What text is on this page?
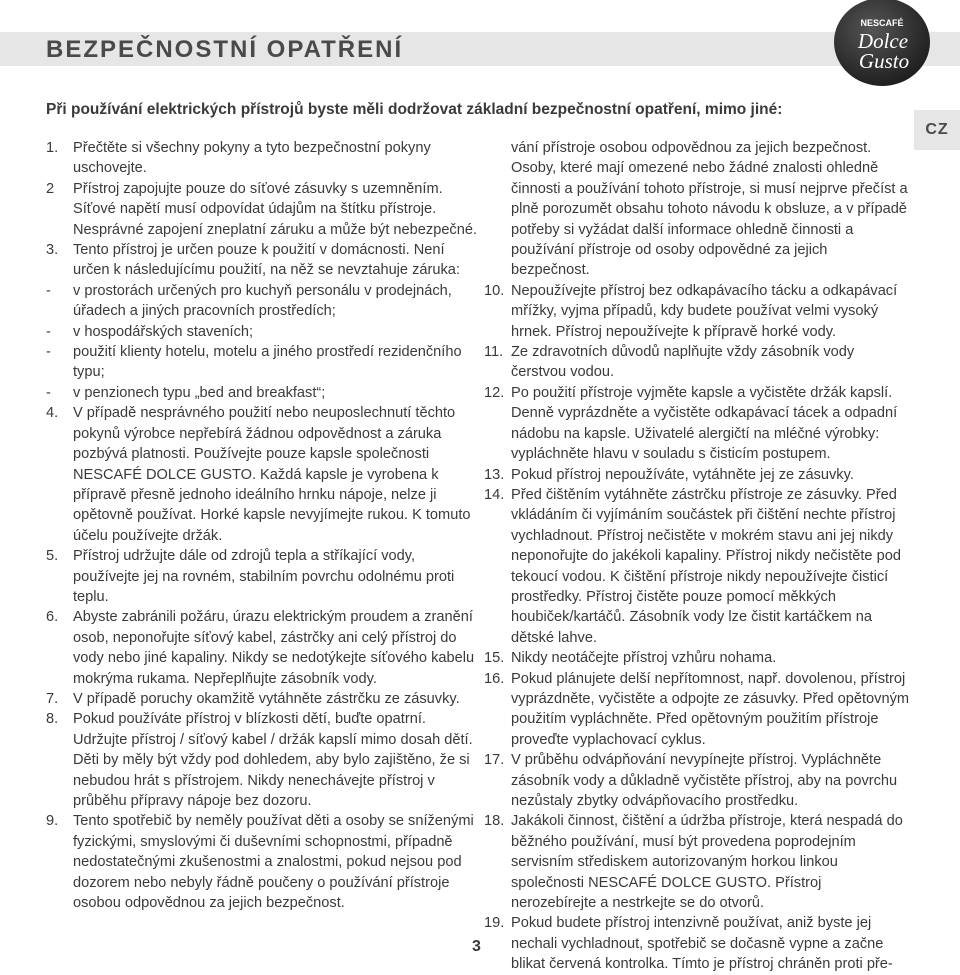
BEZPEČNOSTNÍ OPATŘENÍ
NESCAFÉ
Dolce
Gusto
CZ
Při používání elektrických přístrojů byste měli dodržovat základní bezpečnostní opatření, mimo jiné:
1.	Přečtěte si všechny pokyny a tyto bezpečnostní pokyny uschovejte.
2	Přístroj zapojujte pouze do síťové zásuvky s uzemněním. Síťové napětí musí odpovídat údajům na štítku přístroje. Nesprávné zapojení zneplatní záruku a může být nebezpečné.
3.	Tento přístroj je určen pouze k použití v domácnosti. Není určen k následujícímu použití, na něž se nevztahuje záruka:
-	v prostorách určených pro kuchyň personálu v prodejnách, úřadech a jiných pracovních prostředích;
-	v hospodářských staveních;
-	použití klienty hotelu, motelu a jiného prostředí rezidenčního typu;
-	v penzionech typu „bed and breakfast“;
4.	V případě nesprávného použití nebo neuposlechnutí těchto pokynů výrobce nepřebírá žádnou odpovědnost a záruka pozbývá platnosti. Používejte pouze kapsle společnosti NESCAFÉ DOLCE GUSTO. Každá kapsle je vyrobena k přípravě přesně jednoho ideálního hrnku nápoje, nelze ji opětovně používat. Horké kapsle nevyjímejte rukou. K tomuto účelu používejte držák.
5.	Přístroj udržujte dále od zdrojů tepla a stříkající vody, používejte jej na rovném, stabilním povrchu odolnému proti teplu.
6.	Abyste zabránili požáru, úrazu elektrickým proudem a zranění osob, neponořujte síťový kabel, zástrčky ani celý přístroj do vody nebo jiné kapaliny. Nikdy se nedotýkejte síťového kabelu mokrýma rukama. Nepřeplňujte zásobník vody.
7.	V případě poruchy okamžitě vytáhněte zástrčku ze zásuvky.
8.	Pokud používáte přístroj v blízkosti dětí, buďte opatrní. Udržujte přístroj / síťový kabel / držák kapslí mimo dosah dětí. Děti by měly být vždy pod dohledem, aby bylo zajištěno, že si nebudou hrát s přístrojem. Nikdy nenechávejte přístroj v průběhu přípravy nápoje bez dozoru.
9.	Tento spotřebič by neměly používat děti a osoby se sníženými fyzickými, smyslovými či duševními schopnostmi, případně nedostatečnými zkušenostmi a znalostmi, pokud nejsou pod dozorem nebo nebyly řádně poučeny o používání přístroje osobou odpovědnou za jejich bezpečnost.
vání přístroje osobou odpovědnou za jejich bezpečnost. Osoby, které mají omezené nebo žádné znalosti ohledně činnosti a používání tohoto přístroje, si musí nejprve přečíst a plně porozumět obsahu tohoto návodu k obsluze, a v případě potřeby si vyžádat další informace ohledně činnosti a používání přístroje od osoby odpovědné za jejich bezpečnost.
10. Nepoužívejte přístroj bez odkapávacího tácku a odkapávací mřížky, vyjma případů, kdy budete používat velmi vysoký hrnek. Přístroj nepoužívejte k přípravě horké vody.
11. Ze zdravotních důvodů naplňujte vždy zásobník vody čerstvou vodou.
12. Po použití přístroje vyjměte kapsle a vyčistěte držák kapslí. Denně vyprázdněte a vyčistěte odkapávací tácek a odpadní nádobu na kapsle. Uživatelé alergičtí na mléčné výrobky: vypláchněte hlavu v souladu s čisticím postupem.
13. Pokud přístroj nepoužíváte, vytáhněte jej ze zásuvky.
14. Před čištěním vytáhněte zástrčku přístroje ze zásuvky. Před vkládáním či vyjímáním součástek při čištění nechte přístroj vychladnout. Přístroj nečistěte v mokrém stavu ani jej nikdy neponořujte do jakékoli kapaliny. Přístroj nikdy nečistěte pod tekoucí vodou. K čištění přístroje nikdy nepoužívejte čisticí prostředky. Přístroj čistěte pouze pomocí měkkých houbiček/kartáčů. Zásobník vody lze čistit kartáčkem na dětské lahve.
15. Nikdy neotáčejte přístroj vzhůru nohama.
16. Pokud plánujete delší nepřítomnost, např. dovolenou, přístroj vyprázdněte, vyčistěte a odpojte ze zásuvky. Před opětovným použitím vypláchněte. Před opětovným použitím přístroje proveďte vyplachovací cyklus.
17. V průběhu odvápňování nevypínejte přístroj. Vypláchněte zásobník vody a důkladně vyčistěte přístroj, aby na povrchu nezůstaly zbytky odvápňovacího prostředku.
18. Jakákoli činnost, čištění a údržba přístroje, která nespadá do běžného používání, musí být provedena poprodejním servisním střediskem autorizovaným horkou linkou společnosti NESCAFÉ DOLCE GUSTO. Přístroj nerozebírejte a nestrkejte se do otvorů.
19. Pokud budete přístroj intenzivně používat, aniž byste jej nechali vychladnout, spotřebič se dočasně vypne a začne blikat červená kontrolka. Tímto je přístroj chráněn proti pře-
3
